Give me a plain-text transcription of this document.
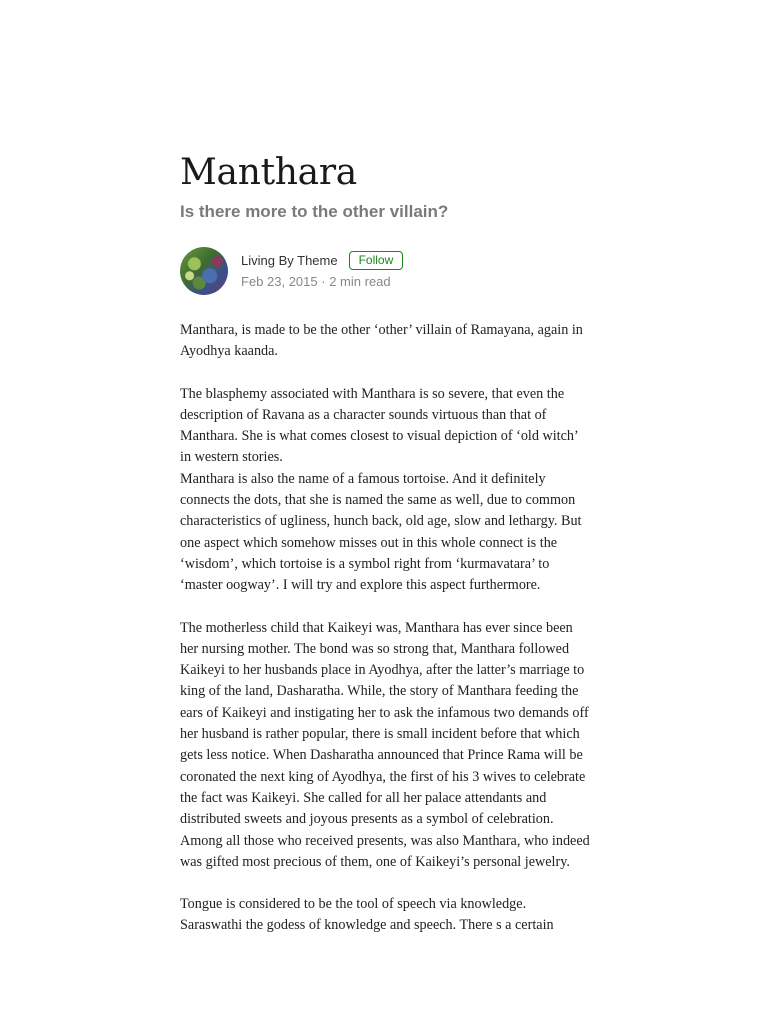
Manthara
Is there more to the other villain?
Living By Theme	Follow
Feb 23, 2015 · 2 min read

Manthara, is made to be the other ‘other’ villain of Ramayana, again in Ayodhya kaanda.

The blasphemy associated with Manthara is so severe, that even the description of Ravana as a character sounds virtuous than that of Manthara. She is what comes closest to visual depiction of ‘old witch’ in western stories.

Manthara is also the name of a famous tortoise. And it definitely connects the dots, that she is named the same as well, due to common characteristics of ugliness, hunch back, old age, slow and lethargy. But one aspect which somehow misses out in this whole connect is the ‘wisdom’, which tortoise is a symbol right from ‘kurmavatara’ to ‘master oogway’. I will try and explore this aspect furthermore.

The motherless child that Kaikeyi was, Manthara has ever since been her nursing mother. The bond was so strong that, Manthara followed Kaikeyi to her husbands place in Ayodhya, after the latter’s marriage to king of the land, Dasharatha. While, the story of Manthara feeding the ears of Kaikeyi and instigating her to ask the infamous two demands off her husband is rather popular, there is small incident before that which gets less notice. When Dasharatha announced that Prince Rama will be coronated the next king of Ayodhya, the first of his 3 wives to celebrate the fact was Kaikeyi. She called for all her palace attendants and distributed sweets and joyous presents as a symbol of celebration. Among all those who received presents, was also Manthara, who indeed was gifted most precious of them, one of Kaikeyi’s personal jewelry.

Tongue is considered to be the tool of speech via knowledge. Saraswathi the godess of knowledge and speech. There s a certain
